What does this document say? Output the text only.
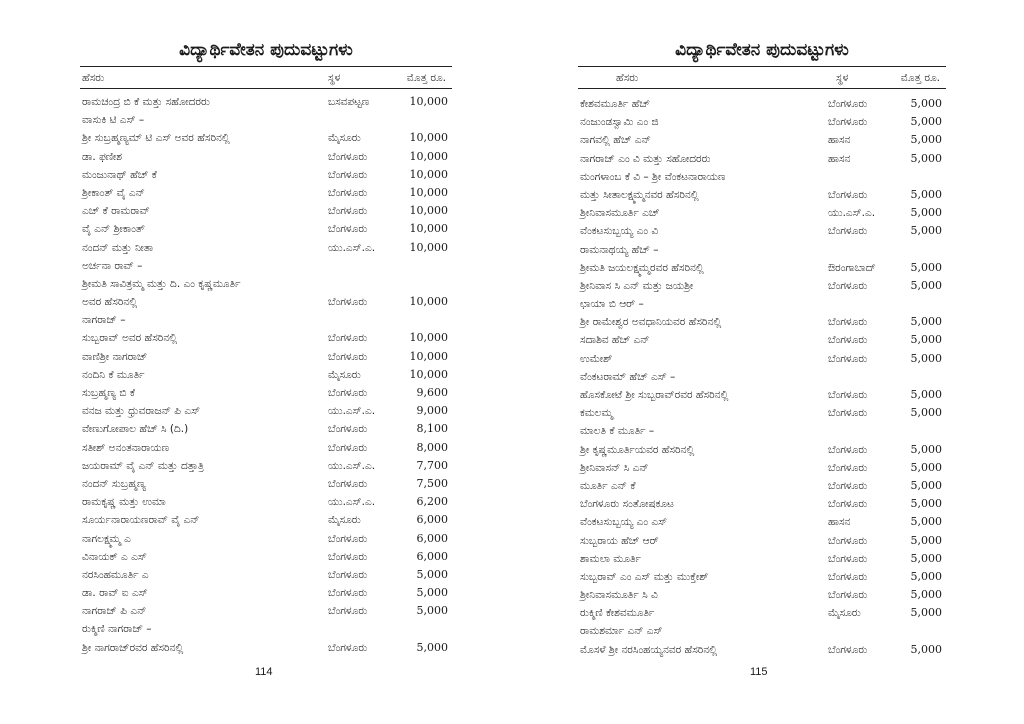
ವಿದ್ಯಾರ್ಥಿವೇತನ ಪುದುವಟ್ಟುಗಳು
ಹೆಸರು	ಸ್ಥಳ	ಮೊತ್ತ ರೂ.
ರಾಮಚಂದ್ರ ಬಿ ಕೆ ಮತ್ತು ಸಹೋದರರು	ಬಸವಪಟ್ಟಣ	10,000
ವಾಸುಕಿ ಟಿ ಎಸ್ –
ಶ್ರೀ ಸುಬ್ರಹ್ಮಣ್ಯಮ್ ಟಿ ಎಸ್ ಅವರ ಹೆಸರಿನಲ್ಲಿ	ಮೈಸೂರು	10,000
ಡಾ. ಫಣೀಶ	ಬೆಂಗಳೂರು	10,000
ಮಂಜುನಾಥ್ ಹೆಚ್ ಕೆ	ಬೆಂಗಳೂರು	10,000
ಶ್ರೀಕಾಂತ್ ವೈ ಎನ್	ಬೆಂಗಳೂರು	10,000
ಎಚ್ ಕೆ ರಾಮರಾವ್	ಬೆಂಗಳೂರು	10,000
ವೈ ಎನ್ ಶ್ರೀಕಾಂತ್	ಬೆಂಗಳೂರು	10,000
ನಂದನ್ ಮತ್ತು ನೀತಾ	ಯು.ಎಸ್.ಎ.	10,000
ಅರ್ಚನಾ ರಾವ್ –
ಶ್ರೀಮತಿ ಸಾವಿತ್ರಮ್ಮ ಮತ್ತು ದಿ. ಎಂ ಕೃಷ್ಣಮೂರ್ತಿ
ಅವರ ಹೆಸರಿನಲ್ಲಿ	ಬೆಂಗಳೂರು	10,000
ನಾಗರಾಜ್ –
ಸುಬ್ಬರಾವ್ ಅವರ ಹೆಸರಿನಲ್ಲಿ	ಬೆಂಗಳೂರು	10,000
ವಾಣಿಶ್ರೀ ನಾಗರಾಜ್	ಬೆಂಗಳೂರು	10,000
ನಂದಿನಿ ಕೆ ಮೂರ್ತಿ	ಮೈಸೂರು	10,000
ಸುಬ್ರಹ್ಮಣ್ಯ ಬಿ ಕೆ	ಬೆಂಗಳೂರು	9,600
ವನಜ ಮತ್ತು ಧ್ರುವರಾಜನ್ ಪಿ ಎಸ್	ಯು.ಎಸ್.ಎ.	9,000
ವೇಣುಗೋಪಾಲ ಹೆಚ್ ಸಿ (ದಿ.)	ಬೆಂಗಳೂರು	8,100
ಸತೀಶ್ ಅನಂತನಾರಾಯಣ	ಬೆಂಗಳೂರು	8,000
ಜಯರಾಮ್ ವೈ ಎನ್ ಮತ್ತು ದತ್ತಾತ್ರಿ	ಯು.ಎಸ್.ಎ.	7,700
ನಂದನ್ ಸುಬ್ರಹ್ಮಣ್ಯ	ಬೆಂಗಳೂರು	7,500
ರಾಮಕೃಷ್ಣ ಮತ್ತು ಉಮಾ	ಯು.ಎಸ್.ಎ.	6,200
ಸೂರ್ಯನಾರಾಯಣರಾವ್ ವೈ ಎನ್	ಮೈಸೂರು	6,000
ನಾಗಲಕ್ಷ್ಮಮ್ಮ ಎ	ಬೆಂಗಳೂರು	6,000
ವಿನಾಯಕ್ ಎ ಎಸ್	ಬೆಂಗಳೂರು	6,000
ನರಸಿಂಹಮೂರ್ತಿ ಎ	ಬೆಂಗಳೂರು	5,000
ಡಾ. ರಾವ್ ಐ ಎಸ್	ಬೆಂಗಳೂರು	5,000
ನಾಗರಾಜ್ ಪಿ ಎನ್	ಬೆಂಗಳೂರು	5,000
ರುಕ್ಮಿಣಿ ನಾಗರಾಜ್ –
ಶ್ರೀ ನಾಗರಾಜ್‌ರವರ ಹೆಸರಿನಲ್ಲಿ	ಬೆಂಗಳೂರು	5,000
114
ವಿದ್ಯಾರ್ಥಿವೇತನ ಪುದುವಟ್ಟುಗಳು
ಹೆಸರು	ಸ್ಥಳ	ಮೊತ್ತ ರೂ.
ಕೇಶವಮೂರ್ತಿ ಹೆಚ್	ಬೆಂಗಳೂರು	5,000
ನಂಜುಂಡಸ್ವಾಮಿ ಎಂ ಜಿ	ಬೆಂಗಳೂರು	5,000
ನಾಗವಲ್ಲಿ ಹೆಚ್ ಎನ್	ಹಾಸನ	5,000
ನಾಗರಾಜ್ ಎಂ ವಿ ಮತ್ತು ಸಹೋದರರು	ಹಾಸನ	5,000
ಮಂಗಳಾಂಬ ಕೆ ವಿ – ಶ್ರೀ ವೆಂಕಟನಾರಾಯಣ
ಮತ್ತು ಸೀತಾಲಕ್ಷ್ಮಮ್ಮನವರ ಹೆಸರಿನಲ್ಲಿ	ಬೆಂಗಳೂರು	5,000
ಶ್ರೀನಿವಾಸಮೂರ್ತಿ ಎಚ್	ಯು.ಎಸ್.ಎ.	5,000
ವೆಂಕಟಸುಬ್ಬಯ್ಯ ಎಂ ವಿ	ಬೆಂಗಳೂರು	5,000
ರಾಮನಾಥಯ್ಯ ಹೆಚ್ –
ಶ್ರೀಮತಿ ಜಯಲಕ್ಷ್ಮಮ್ಮರವರ ಹೆಸರಿನಲ್ಲಿ	ಔರಂಗಾಬಾದ್	5,000
ಶ್ರೀನಿವಾಸ ಸಿ ಎನ್ ಮತ್ತು ಜಯಶ್ರೀ	ಬೆಂಗಳೂರು	5,000
ಛಾಯಾ ಬಿ ಆರ್ –
ಶ್ರೀ ರಾಮೇಶ್ವರ ಅವಧಾನಿಯವರ ಹೆಸರಿನಲ್ಲಿ	ಬೆಂಗಳೂರು	5,000
ಸದಾಶಿವ ಹೆಚ್ ಎನ್	ಬೆಂಗಳೂರು	5,000
ಉಮೇಶ್	ಬೆಂಗಳೂರು	5,000
ವೆಂಕಟರಾಮ್ ಹೆಚ್ ಎಸ್ –
ಹೊಸಕೋಟೆ ಶ್ರೀ ಸುಬ್ಬರಾವ್‌ರವರ ಹೆಸರಿನಲ್ಲಿ	ಬೆಂಗಳೂರು	5,000
ಕಮಲಮ್ಮ	ಬೆಂಗಳೂರು	5,000
ಮಾಲತಿ ಕೆ ಮೂರ್ತಿ –
ಶ್ರೀ ಕೃಷ್ಣಮೂರ್ತಿಯವರ ಹೆಸರಿನಲ್ಲಿ	ಬೆಂಗಳೂರು	5,000
ಶ್ರೀನಿವಾಸನ್ ಸಿ ಎನ್	ಬೆಂಗಳೂರು	5,000
ಮೂರ್ತಿ ಎನ್ ಕೆ	ಬೆಂಗಳೂರು	5,000
ಬೆಂಗಳೂರು ಸಂತೋಷಕೂಟ	ಬೆಂಗಳೂರು	5,000
ವೆಂಕಟಸುಬ್ಬಯ್ಯ ಎಂ ಎಸ್	ಹಾಸನ	5,000
ಸುಬ್ಬರಾಯ ಹೆಚ್ ಆರ್	ಬೆಂಗಳೂರು	5,000
ಶಾಮಲಾ ಮೂರ್ತಿ	ಬೆಂಗಳೂರು	5,000
ಸುಬ್ಬರಾವ್ ಎಂ ಎಸ್ ಮತ್ತು ಮುಕ್ತೇಶ್	ಬೆಂಗಳೂರು	5,000
ಶ್ರೀನಿವಾಸಮೂರ್ತಿ ಸಿ ವಿ	ಬೆಂಗಳೂರು	5,000
ರುಕ್ಮಿಣಿ ಕೇಶವಮೂರ್ತಿ	ಮೈಸೂರು	5,000
ರಾಮಶರ್ಮಾ ಎನ್ ಎಸ್
ಮೊಸಳೆ ಶ್ರೀ ನರಸಿಂಹಯ್ಯನವರ ಹೆಸರಿನಲ್ಲಿ	ಬೆಂಗಳೂರು	5,000
115
